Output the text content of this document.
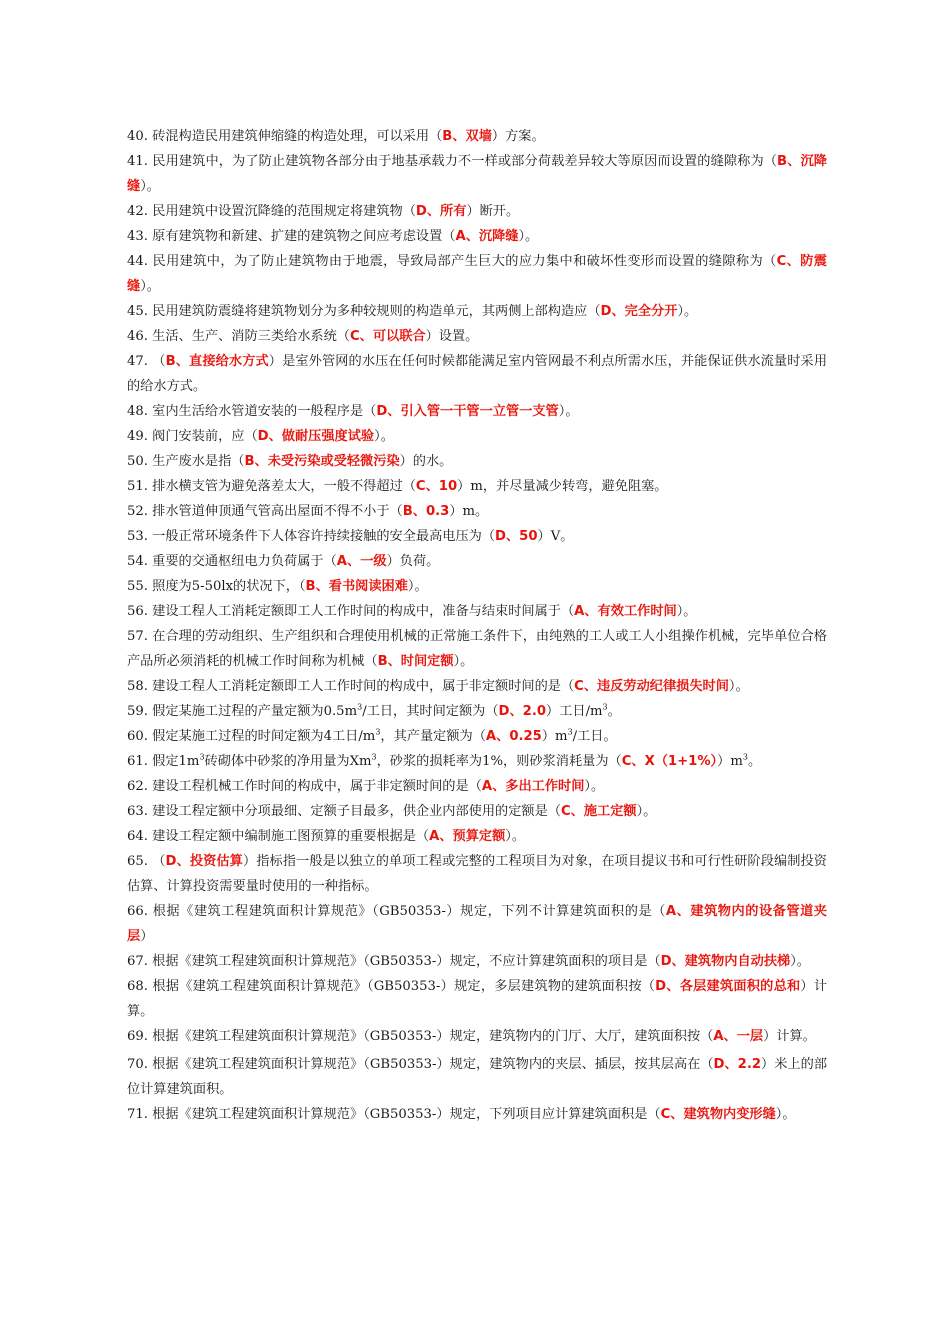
40. 砖混构造民用建筑伸缩缝的构造处理，可以采用（B、双墙）方案。

41. 民用建筑中，为了防止建筑物各部分由于地基承载力不一样或部分荷载差异较大等原因而设置的缝隙称为（B、沉降缝）。

42. 民用建筑中设置沉降缝的范围规定将建筑物（D、所有）断开。

43. 原有建筑物和新建、扩建的建筑物之间应考虑设置（A、沉降缝）。

44. 民用建筑中，为了防止建筑物由于地震，导致局部产生巨大的应力集中和破坏性变形而设置的缝隙称为（C、防震缝）。

45. 民用建筑防震缝将建筑物划分为多种较规则的构造单元，其两侧上部构造应（D、完全分开）。

46. 生活、生产、消防三类给水系统（C、可以联合）设置。

47. （B、直接给水方式）是室外管网的水压在任何时候都能满足室内管网最不利点所需水压，并能保证供水流量时采用的给水方式。

48. 室内生活给水管道安装的一般程序是（D、引入管一干管一立管一支管）。

49. 阀门安装前，应（D、做耐压强度试验）。

50. 生产废水是指（B、未受污染或受轻微污染）的水。

51. 排水横支管为避免落差太大，一般不得超过（C、10）m，并尽量减少转弯，避免阻塞。

52. 排水管道伸顶通气管高出屋面不得不小于（B、0.3）m。

53. 一般正常环境条件下人体容许持续接触的安全最高电压为（D、50）V。

54. 重要的交通枢纽电力负荷属于（A、一级）负荷。

55. 照度为5-50lx的状况下，（B、看书阅读困难）。

56. 建设工程人工消耗定额即工人工作时间的构成中，准备与结束时间属于（A、有效工作时间）。

57. 在合理的劳动组织、生产组织和合理使用机械的正常施工条件下，由纯熟的工人或工人小组操作机械，完毕单位合格产品所必须消耗的机械工作时间称为机械（B、时间定额）。

58. 建设工程人工消耗定额即工人工作时间的构成中，属于非定额时间的是（C、违反劳动纪律损失时间）。

59. 假定某施工过程的产量定额为$0.5m^3/$工日，其时间定额为（D、2.0）工日$/m^3$。

60. 假定某施工过程的时间定额为4工日$/m^3$，其产量定额为（A、$0.25)m^3/$工日。

61. 假定$1m^3$砖砌体中砂浆的净用量为Xm$^3$，砂浆的损耗率为1%，则砂浆消耗量为（C、$X(1+1\%))m^3$。

62. 建设工程机械工作时间的构成中，属于非定额时间的是（A、多出工作时间）。

63. 建设工程定额中分项最细、定额子目最多，供企业内部使用的定额是（C、施工定额）。

64. 建设工程定额中编制施工图预算的重要根据是（A、预算定额）。

65. （D、投资估算）指标指一般是以独立的单项工程或完整的工程项目为对象，在项目提议书和可行性研阶段编制投资估算、计算投资需要量时使用的一种指标。

66. 根据《建筑工程建筑面积计算规范》（GB50353-）规定，下列不计算建筑面积的是（A、建筑物内的设备管道夹层）

67. 根据《建筑工程建筑面积计算规范》（GB50353-）规定，不应计算建筑面积的项目是（D、建筑物内自动扶梯）。

68. 根据《建筑工程建筑面积计算规范》（GB50353-）规定，多层建筑物的建筑面积按（D、各层建筑面积的总和）计算。

69. 根据《建筑工程建筑面积计算规范》（GB50353-）规定，建筑物内的门厅、大厅，建筑面积按（A、一层）计算。

70. 根据《建筑工程建筑面积计算规范》（GB50353-）规定，建筑物内的夹层、插层，按其层高在（D、2.2）米上的部位计算建筑面积。

71. 根据《建筑工程建筑面积计算规范》（GB50353-）规定，下列项目应计算建筑面积是（C、建筑物内变形缝）。
